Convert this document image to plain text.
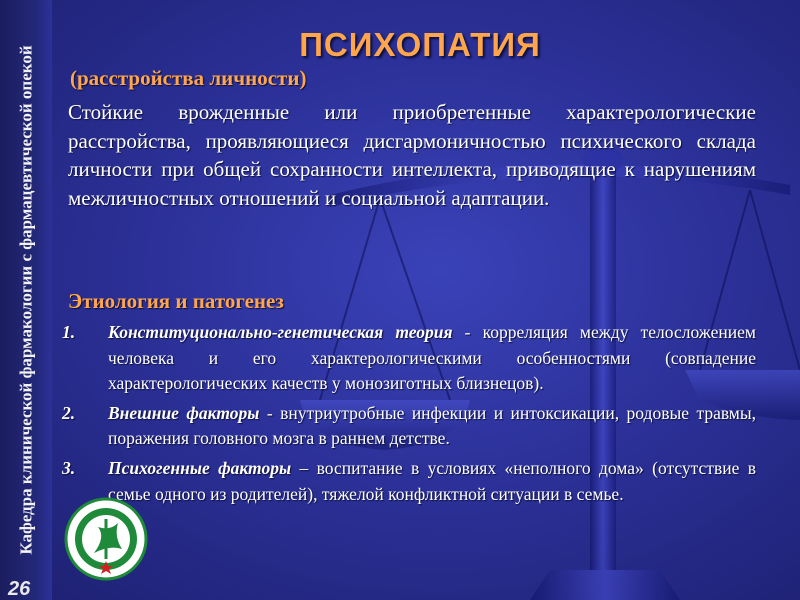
Кафедра клинической фармакологии с фармацевтической опекой
26
ПСИХОПАТИЯ
(расстройства личности)
Стойкие врожденные или приобретенные характерологические расстройства, проявляющиеся дисгармоничностью психического склада личности при общей сохранности интеллекта, приводящие к нарушениям межличностных отношений и социальной адаптации.
Этиология и патогенез
1. Конституционально-генетическая теория - корреляция между телосложением человека и его характерологическими особенностями (совпадение характерологических качеств у монозиготных близнецов).
2. Внешние факторы - внутриутробные инфекции и интоксикации, родовые травмы, поражения головного мозга в раннем детстве.
3. Психогенные факторы – воспитание в условиях «неполного дома» (отсутствие в семье одного из родителей), тяжелой конфликтной ситуации в семье.
